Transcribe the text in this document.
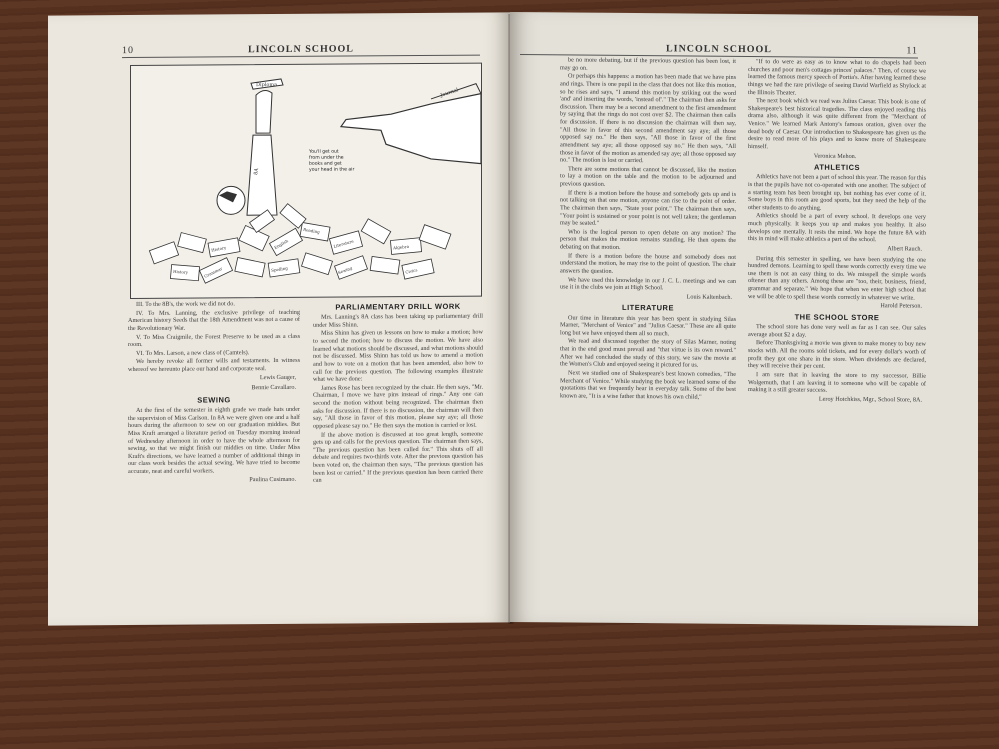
10	LINCOLN SCHOOL
Diploma
8A
Journal
You'll get out from under the books and get your head in the air
History	English	Literature	Algebra
Grammar	Spelling	Sewing	Civics
History
Reading

III. To the 8B's, the work we did not do.

IV. To Mrs. Lanning, the exclusive privilege of teaching American history Seeds that the 18th Amendment was not a cause of the Revolutionary War.

V. To Miss Craigmile, the Forest Preserve to be used as a class room.

VI. To Mrs. Larson, a new class of (Camtels).

We hereby revoke all former wills and testaments. In witness whereof we hereunto place our hand and corporate seal.

Lewis Gauger,
Bennie Cavallaro.
SEWING

At the first of the semester in eighth grade we made hats under the supervision of Miss Carlson. In 8A we were given one and a half hours during the afternoon to sew on our graduation middies. But Miss Kraft arranged a literature period on Tuesday morning instead of Wednesday afternoon in order to have the whole afternoon for sewing, so that we might finish our middies on time. Under Miss Kraft's directions, we have learned a number of additional things in our class work besides the actual sewing. We have tried to become accurate, neat and careful workers.

Paulina Cusimano.
PARLIAMENTARY DRILL WORK

Mrs. Lanning's 8A class has been taking up parliamentary drill under Miss Shinn.

Miss Shinn has given us lessons on how to make a motion; how to second the motion; how to discuss the motion. We have also learned what motions should be discussed, and what motions should not be discussed. Miss Shinn has told us how to amend a motion and how to vote on a motion that has been amended, also how to call for the previous question. The following examples illustrate what we have done:

James Rose has been recognized by the chair. He then says, "Mr. Chairman, I move we have pins instead of rings." Any one can second the motion without being recognized. The chairman then asks for discussion. If there is no discussion, the chairman will then say, "All those in favor of this motion, please say aye; all those opposed please say no." He then says the motion is carried or lost.

If the above motion is discussed at too great length, someone gets up and calls for the previous question. The chairman then says, "The previous question has been called for." This shuts off all debate and requires two-thirds vote. After the previous question has been voted on, the chairman then says, "The previous question has been lost or carried." If the previous question has been carried there can

LINCOLN SCHOOL	11

be no more debating, but if the previous question has been lost, it may go on.

Or perhaps this happens: a motion has been made that we have pins and rings. There is one pupil in the class that does not like this motion, so he rises and says, "I amend this motion by striking out the word 'and' and inserting the words, 'instead of'." The chairman then asks for discussion. There may be a second amendment to the first amendment by saying that the rings do not cost over $2. The chairman then calls for discussion. If there is no discussion the chairman will then say, "All those in favor of this second amendment say aye; all those opposed say no." He then says, "All those in favor of the first amendment say aye; all those opposed say no." He then says, "All those in favor of the motion as amended say aye; all those opposed say no." The motion is lost or carried.

There are some motions that cannot be discussed, like the motion to lay a motion on the table and the motion to be adjourned and previous question.

If there is a motion before the house and somebody gets up and is not talking on that one motion, anyone can rise to the point of order. The chairman then says, "State your point." The chairman then says, "Your point is sustained or your point is not well taken; the gentleman may be seated."

Who is the logical person to open debate on any motion? The person that makes the motion remains standing. He then opens the debating on that motion.

If there is a motion before the house and somebody does not understand the motion, he may rise to the point of question. The chair answers the question.

We have used this knowledge in our J. C. L. meetings and we can use it in the clubs we join at High School.

Louis Kaltenbach.
LITERATURE

Our time in literature this year has been spent in studying Silas Marner, "Merchant of Venice" and "Julius Caesar." These are all quite long but we have enjoyed them all so much.

We read and discussed together the story of Silas Marner, noting that in the end good must prevail and "that virtue is its own reward." After we had concluded the study of this story, we saw the movie at the Women's Club and enjoyed seeing it pictured for us.

Next we studied one of Shakespeare's best known comedies, "The Merchant of Venice." While studying the book we learned some of the quotations that we frequently hear in everyday talk. Some of the best known are, "It is a wise father that knows his own child,"

"If to do were as easy as to know what to do chapels had been churches and poor men's cottages princes' palaces." Then, of course we learned the famous mercy speech of Portia's. After having learned these things we had the rare privilege of seeing David Warfield as Shylock at the Illinois Theater.

The next book which we read was Julius Caesar. This book is one of Shakespeare's best historical tragedies. The class enjoyed reading this drama also, although it was quite different from the "Merchant of Venice." We learned Mark Antony's famous oration, given over the dead body of Caesar. Our introduction to Shakespeare has given us the desire to read more of his plays and to know more of Shakespeare himself.

Veronica Mehon.
ATHLETICS

Athletics have not been a part of school this year. The reason for this is that the pupils have not co-operated with one another. The subject of a starting team has been brought up, but nothing has ever come of it. Some boys in this room are good sports, but they need the help of the other students to do anything.

Athletics should be a part of every school. It develops one very much physically. It keeps you up and makes you healthy. It also develops one mentally. It rests the mind. We hope the future 8A with this in mind will make athletics a part of the school.

Albert Rauch.

During this semester in spelling, we have been studying the one hundred demons. Learning to spell these words correctly every time we use them is not an easy thing to do. We misspell the simple words oftener than any others. Among these are "too, their, business, friend, grammar and separate." We hope that when we enter high school that we will be able to spell these words correctly in whatever we write.

Harold Peterson.
THE SCHOOL STORE

The school store has done very well as far as I can see. Our sales average about $2 a day.

Before Thanksgiving a movie was given to make money to buy new stocks with. All the rooms sold tickets, and for every dollar's worth of profit they got one share in the store. When dividends are declared, they will receive their per cent.

I am sure that in leaving the store to my successor, Billie Wolgemuth, that I am leaving it to someone who will be capable of making it a still greater success.

Leroy Hotchkiss, Mgr., School Store, 8A.
